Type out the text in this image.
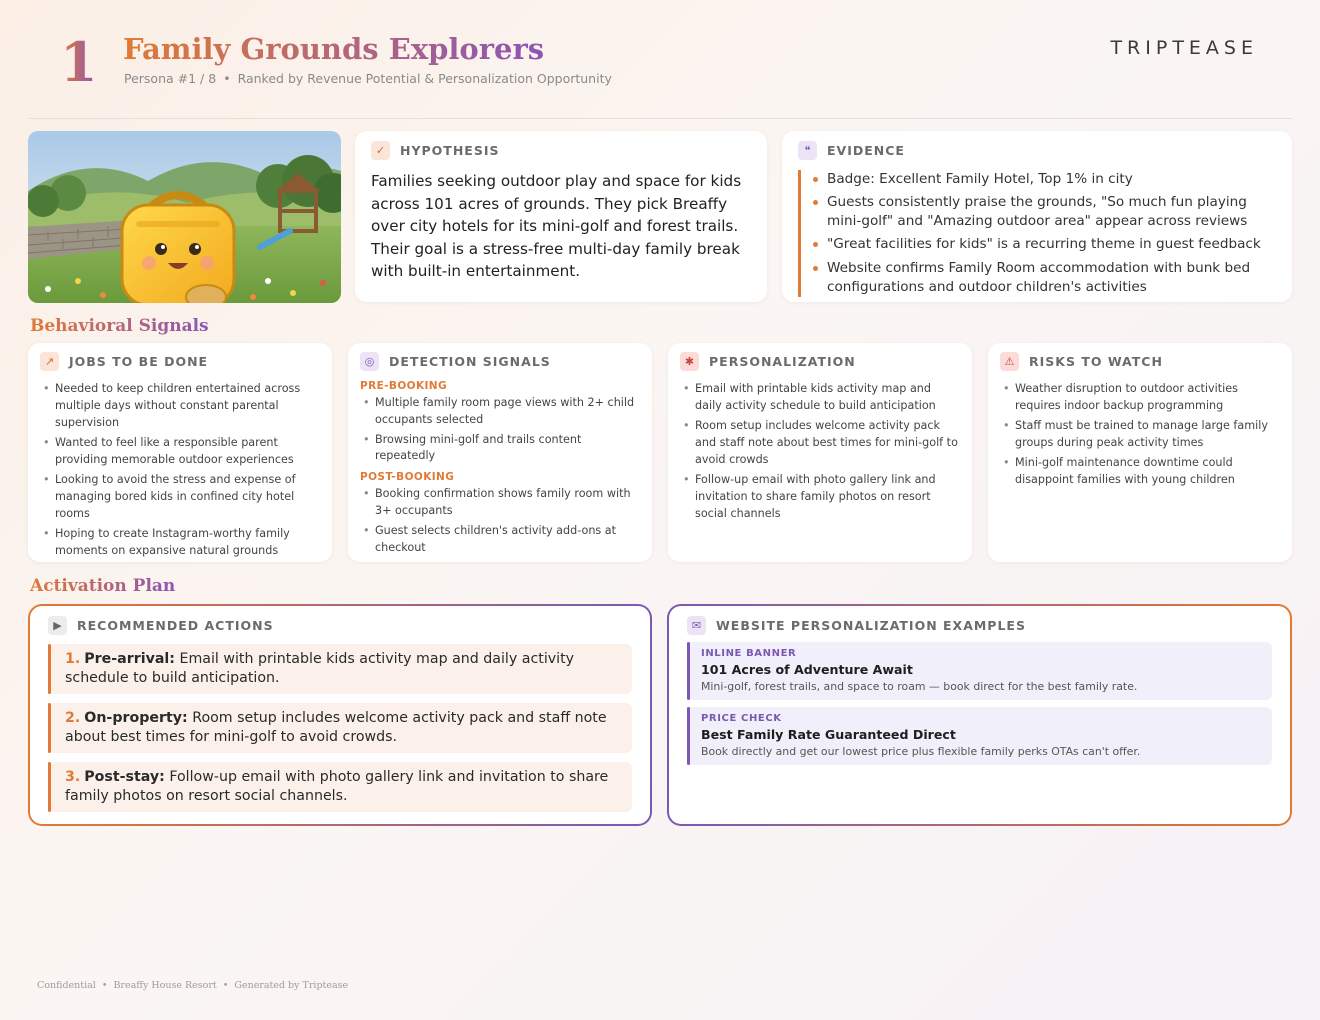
1 Family Grounds Explorers
Persona #1 / 8 • Ranked by Revenue Potential & Personalization Opportunity
TRIPTEASE
✓	HYPOTHESIS

Families seeking outdoor play and space for kids across 101 acres of grounds. They pick Breaffy over city hotels for its mini-golf and forest trails. Their goal is a stress-free multi-day family break with built-in entertainment.

❝	EVIDENCE
Badge: Excellent Family Hotel, Top 1% in city
Guests consistently praise the grounds, "So much fun playing mini-golf" and "Amazing outdoor area" appear across reviews
"Great facilities for kids" is a recurring theme in guest feedback
Website confirms Family Room accommodation with bunk bed configurations and outdoor children's activities
Behavioral Signals
↗	JOBS TO BE DONE
• Needed to keep children entertained across multiple days without constant parental supervision
• Wanted to feel like a responsible parent providing memorable outdoor experiences
• Looking to avoid the stress and expense of managing bored kids in confined city hotel rooms
• Hoping to create Instagram-worthy family moments on expansive natural grounds
◎	DETECTION SIGNALS
PRE-BOOKING
• Multiple family room page views with 2+ child occupants selected
• Browsing mini-golf and trails content repeatedly
POST-BOOKING
• Booking confirmation shows family room with 3+ occupants
• Guest selects children's activity add-ons at checkout
✱	PERSONALIZATION
• Email with printable kids activity map and daily activity schedule to build anticipation
• Room setup includes welcome activity pack and staff note about best times for mini-golf to avoid crowds
• Follow-up email with photo gallery link and invitation to share family photos on resort social channels
⚠	RISKS TO WATCH
• Weather disruption to outdoor activities requires indoor backup programming
• Staff must be trained to manage large family groups during peak activity times
• Mini-golf maintenance downtime could disappoint families with young children
Activation Plan
▶	RECOMMENDED ACTIONS
1. Pre-arrival: Email with printable kids activity map and daily activity schedule to build anticipation.
2. On-property: Room setup includes welcome activity pack and staff note about best times for mini-golf to avoid crowds.
3. Post-stay: Follow-up email with photo gallery link and invitation to share family photos on resort social channels.
✉	WEBSITE PERSONALIZATION EXAMPLES
INLINE BANNER
101 Acres of Adventure Await
Mini-golf, forest trails, and space to roam — book direct for the best family rate.
PRICE CHECK
Best Family Rate Guaranteed Direct
Book directly and get our lowest price plus flexible family perks OTAs can't offer.
Confidential • Breaffy House Resort • Generated by Triptease
